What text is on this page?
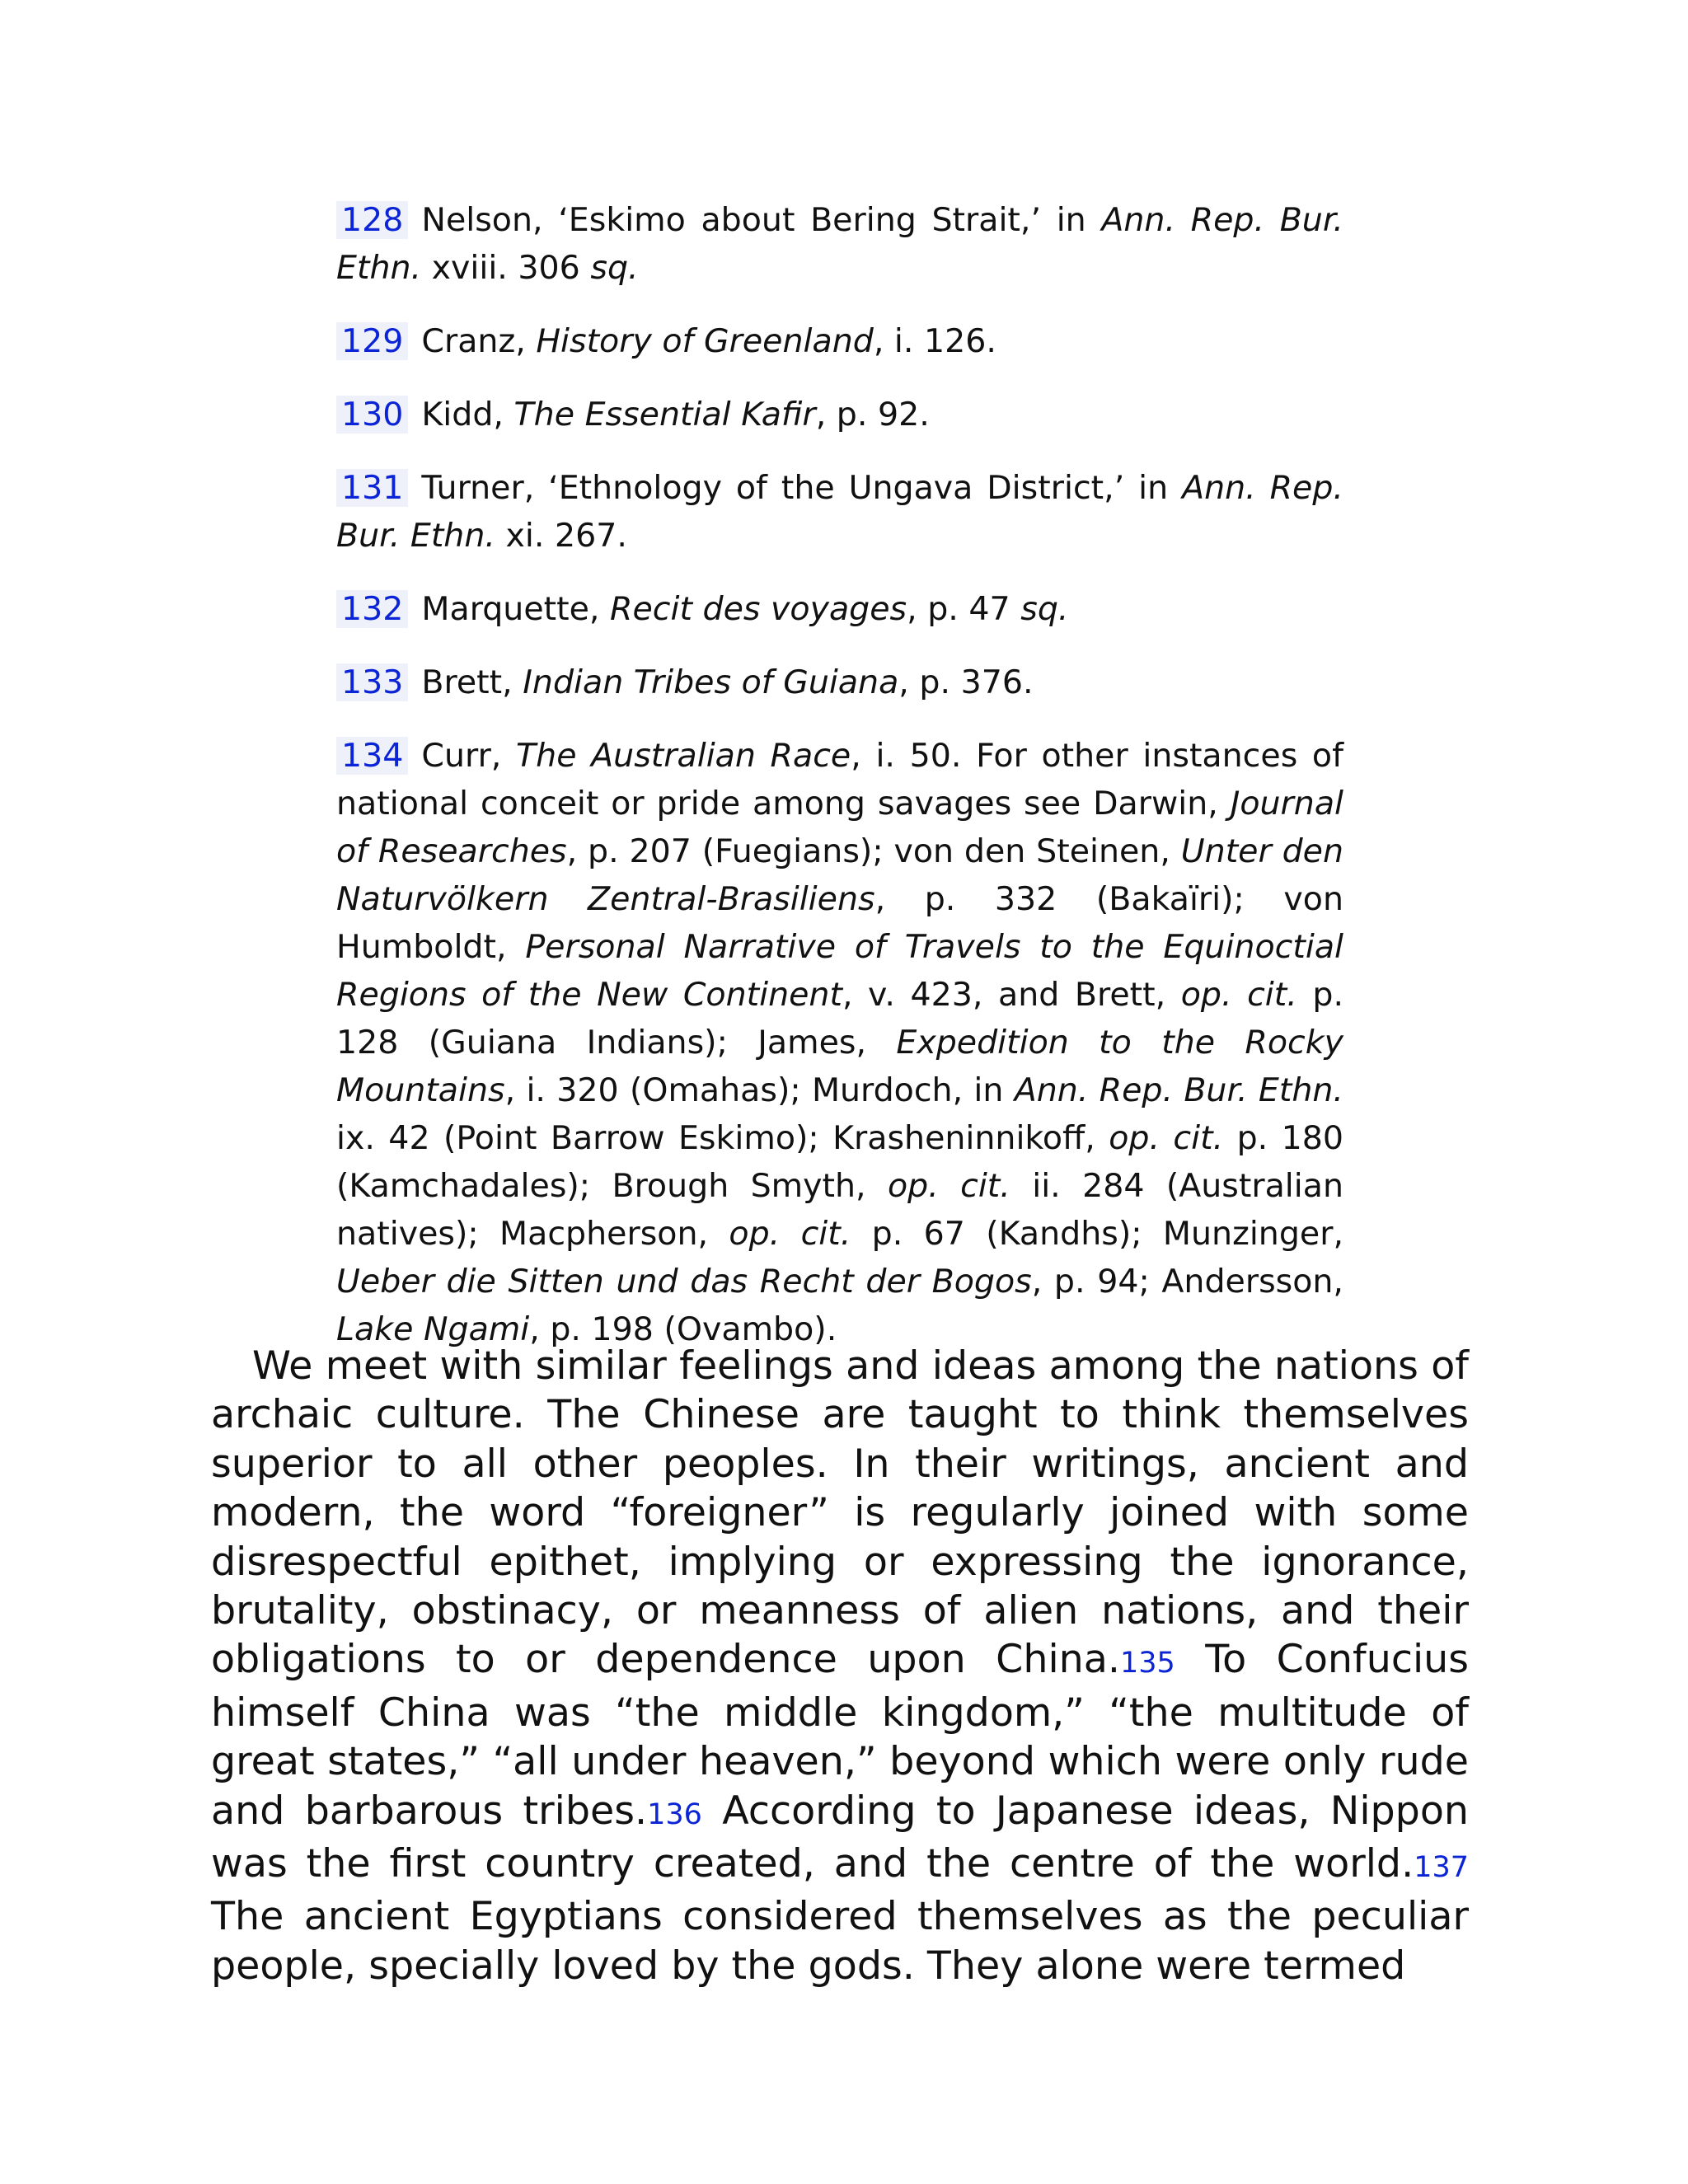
128 Nelson, ‘Eskimo about Bering Strait,’ in Ann. Rep. Bur. Ethn. xviii. 306 sq.

129 Cranz, History of Greenland, i. 126.

130 Kidd, The Essential Kafir, p. 92.

131 Turner, ‘Ethnology of the Ungava District,’ in Ann. Rep. Bur. Ethn. xi. 267.

132 Marquette, Recit des voyages, p. 47 sq.

133 Brett, Indian Tribes of Guiana, p. 376.

134 Curr, The Australian Race, i. 50. For other instances of national conceit or pride among savages see Darwin, Journal of Researches, p. 207 (Fuegians); von den Steinen, Unter den Naturvölkern Zentral-Brasiliens, p. 332 (Bakaïri); von Humboldt, Personal Narrative of Travels to the Equinoctial Regions of the New Continent, v. 423, and Brett, op. cit. p. 128 (Guiana Indians); James, Expedition to the Rocky Mountains, i. 320 (Omahas); Murdoch, in Ann. Rep. Bur. Ethn. ix. 42 (Point Barrow Eskimo); Krasheninnikoff, op. cit. p. 180 (Kamchadales); Brough Smyth, op. cit. ii. 284 (Australian natives); Macpherson, op. cit. p. 67 (Kandhs); Munzinger, Ueber die Sitten und das Recht der Bogos, p. 94; Andersson, Lake Ngami, p. 198 (Ovambo).

We meet with similar feelings and ideas among the nations of archaic culture. The Chinese are taught to think themselves superior to all other peoples. In their writings, ancient and modern, the word “foreigner” is regularly joined with some disrespectful epithet, implying or expressing the ignorance, brutality, obstinacy, or meanness of alien nations, and their obligations to or dependence upon China.135 To Confucius himself China was “the middle kingdom,” “the multitude of great states,” “all under heaven,” beyond which were only rude and barbarous tribes.136 According to Japanese ideas, Nippon was the first country created, and the centre of the world.137 The ancient Egyptians considered themselves as the peculiar people, specially loved by the gods. They alone were termed
